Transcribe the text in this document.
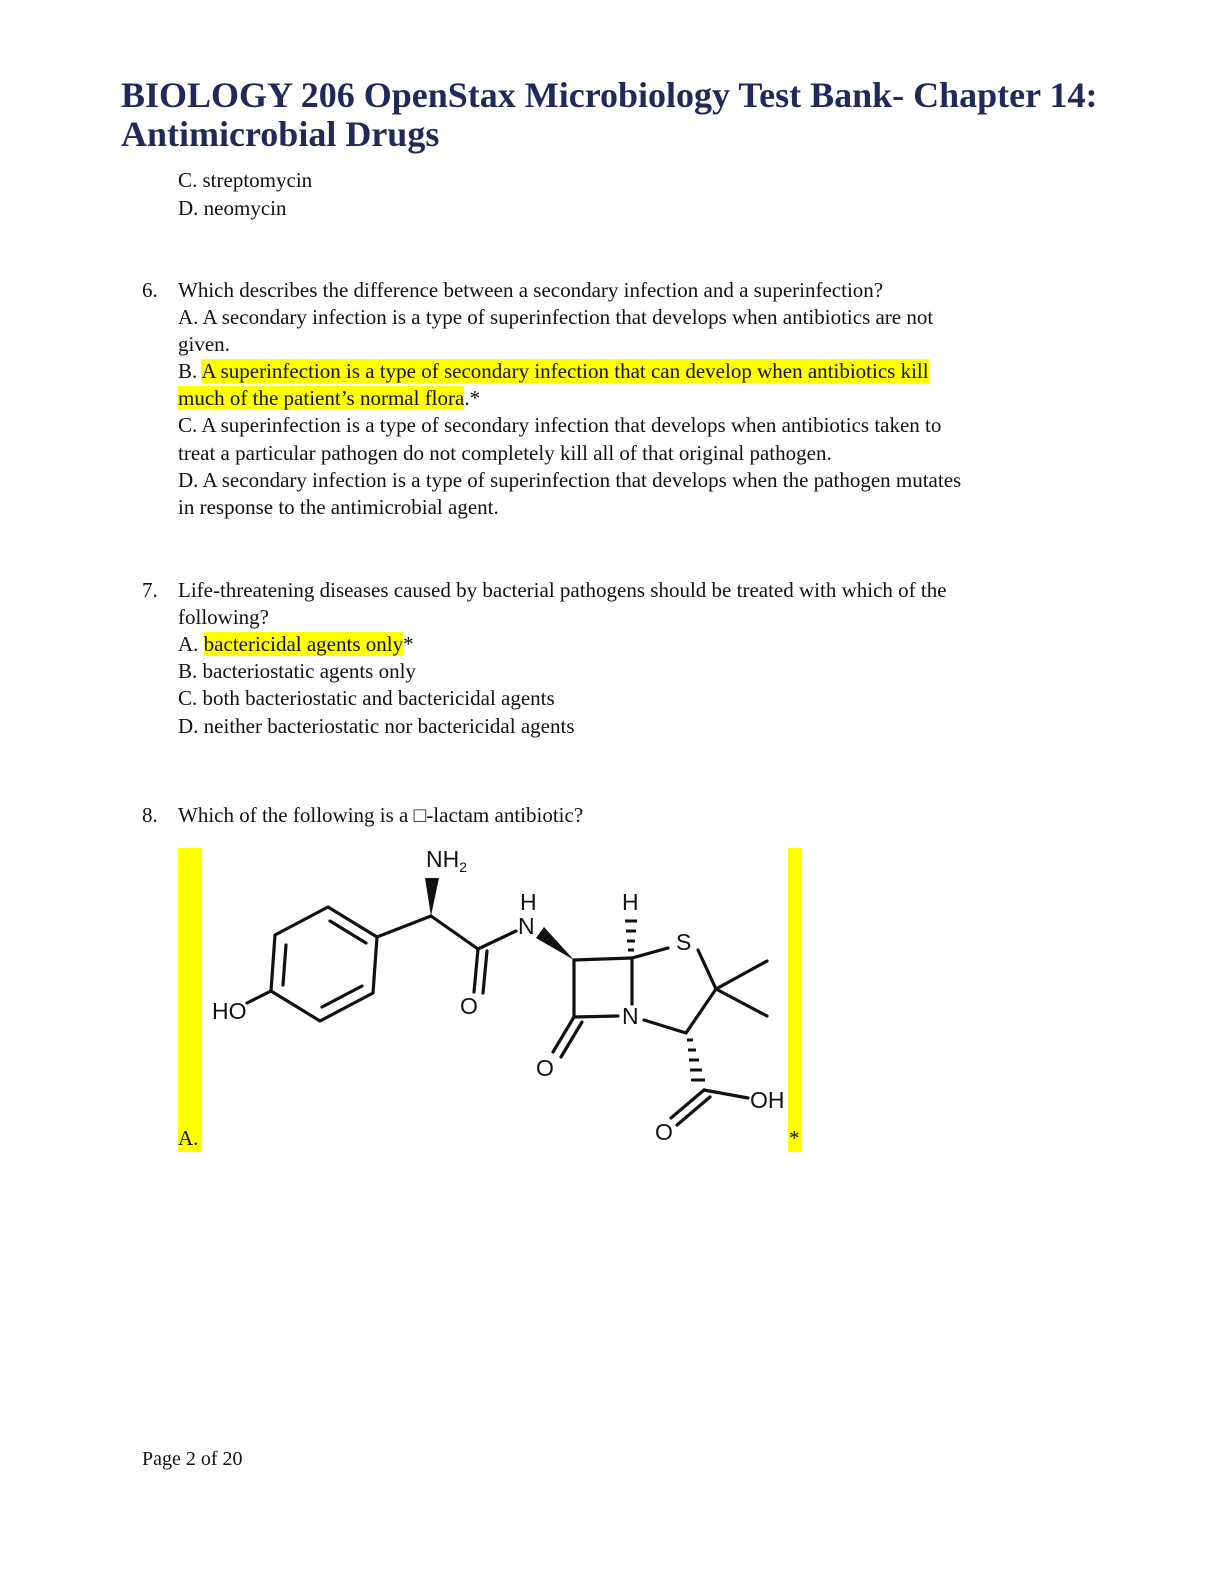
BIOLOGY 206 OpenStax Microbiology Test Bank- Chapter 14: Antimicrobial Drugs
C. streptomycin
D. neomycin
6. Which describes the difference between a secondary infection and a superinfection?
A. A secondary infection is a type of superinfection that develops when antibiotics are not
given.
B. A superinfection is a type of secondary infection that can develop when antibiotics kill
much of the patient’s normal flora.*
C. A superinfection is a type of secondary infection that develops when antibiotics taken to
treat a particular pathogen do not completely kill all of that original pathogen.
D. A secondary infection is a type of superinfection that develops when the pathogen mutates
in response to the antimicrobial agent.
7. Life-threatening diseases caused by bacterial pathogens should be treated with which of the
following?
A. bactericidal agents only*
B. bacteriostatic agents only
C. both bacteriostatic and bactericidal agents
D. neither bacteriostatic nor bactericidal agents
8. Which of the following is a □-lactam antibiotic?
A.	*
$NH_2$
HO	O
H
N
H
S
N
O
OH
O
Page 2 of 20
